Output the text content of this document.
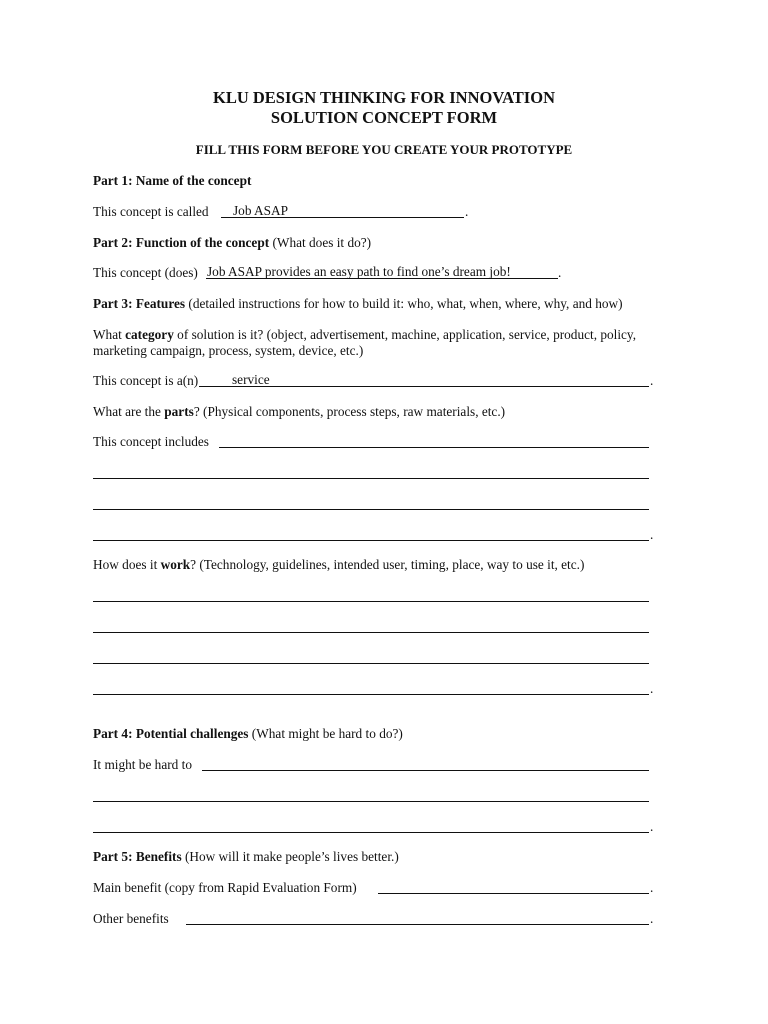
KLU DESIGN THINKING FOR INNOVATION
SOLUTION CONCEPT FORM
FILL THIS FORM BEFORE YOU CREATE YOUR PROTOTYPE
Part 1: Name of the concept
This concept is called Job ASAP	.
Part 2: Function of the concept (What does it do?)
This concept (does) Job ASAP provides an easy path to find one’s dream job!	.
Part 3: Features (detailed instructions for how to build it: who, what, when, where, why, and how)
What category of solution is it? (object, advertisement, machine, application, service, product, policy, marketing campaign, process, system, device, etc.)
This concept is a(n)	service	.
What are the parts? (Physical components, process steps, raw materials, etc.)
This concept includes
.
How does it work? (Technology, guidelines, intended user, timing, place, way to use it, etc.)
.
Part 4: Potential challenges (What might be hard to do?)
It might be hard to
.
Part 5: Benefits (How will it make people’s lives better.)
Main benefit (copy from Rapid Evaluation Form)	.
Other benefits	.
